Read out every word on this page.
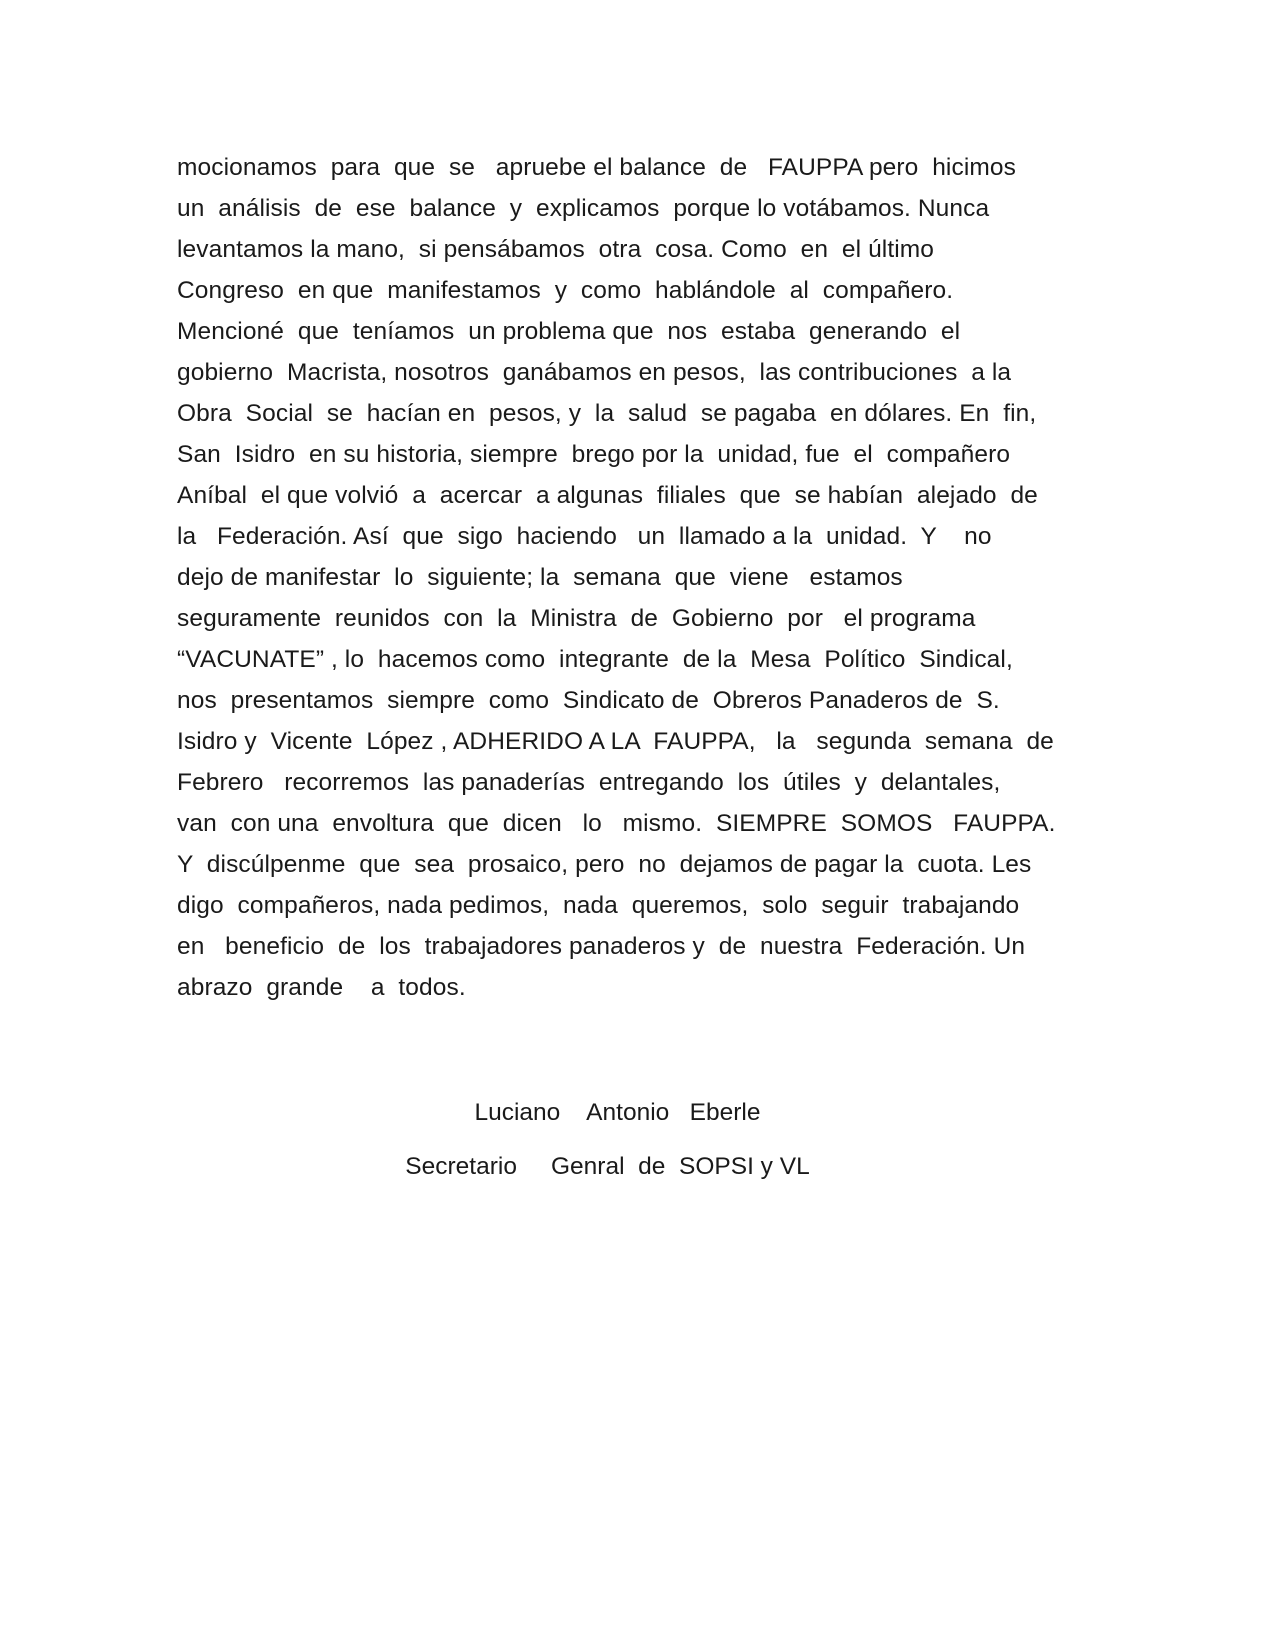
mocionamos  para  que  se   apruebe el balance  de   FAUPPA pero  hicimos
un  análisis  de  ese  balance  y  explicamos  porque lo votábamos. Nunca
levantamos la mano,  si pensábamos  otra  cosa. Como  en  el último
Congreso  en que  manifestamos  y  como  hablándole  al  compañero.
Mencioné  que  teníamos  un problema que  nos  estaba  generando  el
gobierno  Macrista, nosotros  ganábamos en pesos,  las contribuciones  a la
Obra  Social  se  hacían en  pesos, y  la  salud  se pagaba  en dólares. En  fin,
San  Isidro  en su historia, siempre  brego por la  unidad, fue  el  compañero
Aníbal  el que volvió  a  acercar  a algunas  filiales  que  se habían  alejado  de
la   Federación. Así  que  sigo  haciendo   un  llamado a la  unidad.  Y    no
dejo de manifestar  lo  siguiente; la  semana  que  viene   estamos
seguramente  reunidos  con  la  Ministra  de  Gobierno  por   el programa
“VACUNATE” , lo  hacemos como  integrante  de la  Mesa  Político  Sindical,
nos  presentamos  siempre  como  Sindicato de  Obreros Panaderos de  S.
Isidro y  Vicente  López , ADHERIDO A LA  FAUPPA,   la   segunda  semana  de
Febrero   recorremos  las panaderías  entregando  los  útiles  y  delantales,
van  con una  envoltura  que  dicen   lo   mismo.  SIEMPRE  SOMOS   FAUPPA.
Y  discúlpenme  que  sea  prosaico, pero  no  dejamos de pagar la  cuota. Les
digo  compañeros, nada pedimos,  nada  queremos,  solo  seguir  trabajando
en   beneficio  de  los  trabajadores panaderos y  de  nuestra  Federación. Un
abrazo  grande    a  todos.
Luciano    Antonio   Eberle
Secretario     Genral  de  SOPSI y VL
